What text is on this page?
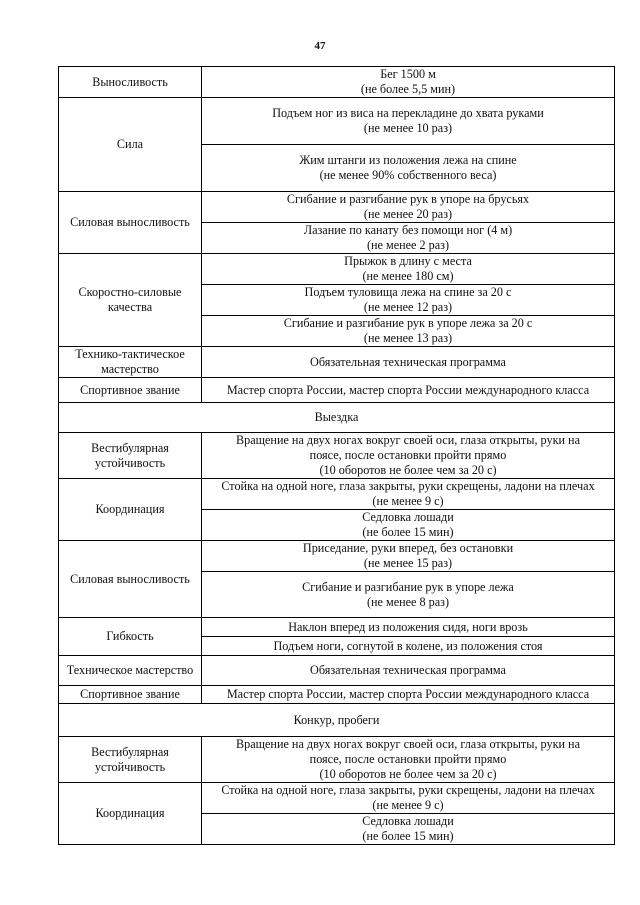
47
Выносливость	Бег 1500 м
(не более 5,5 мин)

Сила	Подъем ног из виса на перекладине до хвата руками
(не менее 10 раз)

	Жим штанги из положения лежа на спине
(не менее 90% собственного веса)

Силовая выносливость	Сгибание и разгибание рук в упоре на брусьях
(не менее 20 раз)

	Лазание по канату без помощи ног (4 м)
(не менее 2 раз)

Скоростно-силовые качества	Прыжок в длину с места
(не менее 180 см)

	Подъем туловища лежа на спине за 20 с
(не менее 12 раз)

	Сгибание и разгибание рук в упоре лежа за 20 с
(не менее 13 раз)

Технико-тактическое мастерство	Обязательная техническая программа

Спортивное звание	Мастер спорта России, мастер спорта России международного класса

Выездка	
Вестибулярная устойчивость	Вращение на двух ногах вокруг своей оси, глаза открыты, руки на
поясе, после остановки пройти прямо
(10 оборотов не более чем за 20 с)

Координация	Стойка на одной ноге, глаза закрыты, руки скрещены, ладони на плечах
(не менее 9 с)

	Седловка лошади
(не более 15 мин)

Силовая выносливость	Приседание, руки вперед, без остановки
(не менее 15 раз)

	Сгибание и разгибание рук в упоре лежа
(не менее 8 раз)

Гибкость	Наклон вперед из положения сидя, ноги врозь

	Подъем ноги, согнутой в колене, из положения стоя

Техническое мастерство	Обязательная техническая программа

Спортивное звание	Мастер спорта России, мастер спорта России международного класса

Конкур, пробеги	
Вестибулярная устойчивость	Вращение на двух ногах вокруг своей оси, глаза открыты, руки на
поясе, после остановки пройти прямо
(10 оборотов не более чем за 20 с)

Координация	Стойка на одной ноге, глаза закрыты, руки скрещены, ладони на плечах
(не менее 9 с)

	Седловка лошади
(не более 15 мин)
